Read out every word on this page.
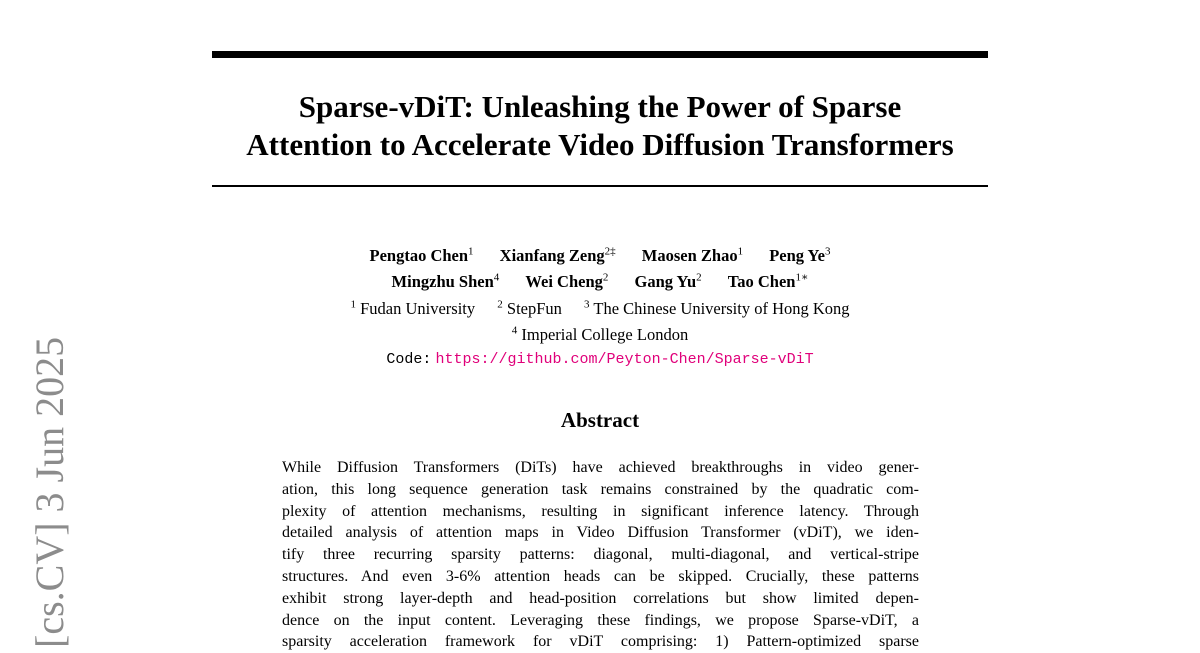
[cs.CV] 3 Jun 2025
Sparse-vDiT: Unleashing the Power of Sparse
Attention to Accelerate Video Diffusion Transformers
Pengtao Chen$^1$ Xianfang Zeng$^{2\ddagger}$ Maosen Zhao$^1$ Peng Ye$^3$
Mingzhu Shen$^4$ Wei Cheng$^2$ Gang Yu$^2$ Tao Chen$^{1∗}$
$^1$ Fudan University $^2$ StepFun $^3$ The Chinese University of Hong Kong
$^4$ Imperial College London
Code: https://github.com/Peyton-Chen/Sparse-vDiT
Abstract
While Diffusion Transformers (DiTs) have achieved breakthroughs in video gener-
ation, this long sequence generation task remains constrained by the quadratic com-
plexity of attention mechanisms, resulting in significant inference latency. Through
detailed analysis of attention maps in Video Diffusion Transformer (vDiT), we iden-
tify three recurring sparsity patterns: diagonal, multi-diagonal, and vertical-stripe
structures. And even 3-6% attention heads can be skipped. Crucially, these patterns
exhibit strong layer-depth and head-position correlations but show limited depen-
dence on the input content. Leveraging these findings, we propose Sparse-vDiT, a
sparsity acceleration framework for vDiT comprising: 1) Pattern-optimized sparse
